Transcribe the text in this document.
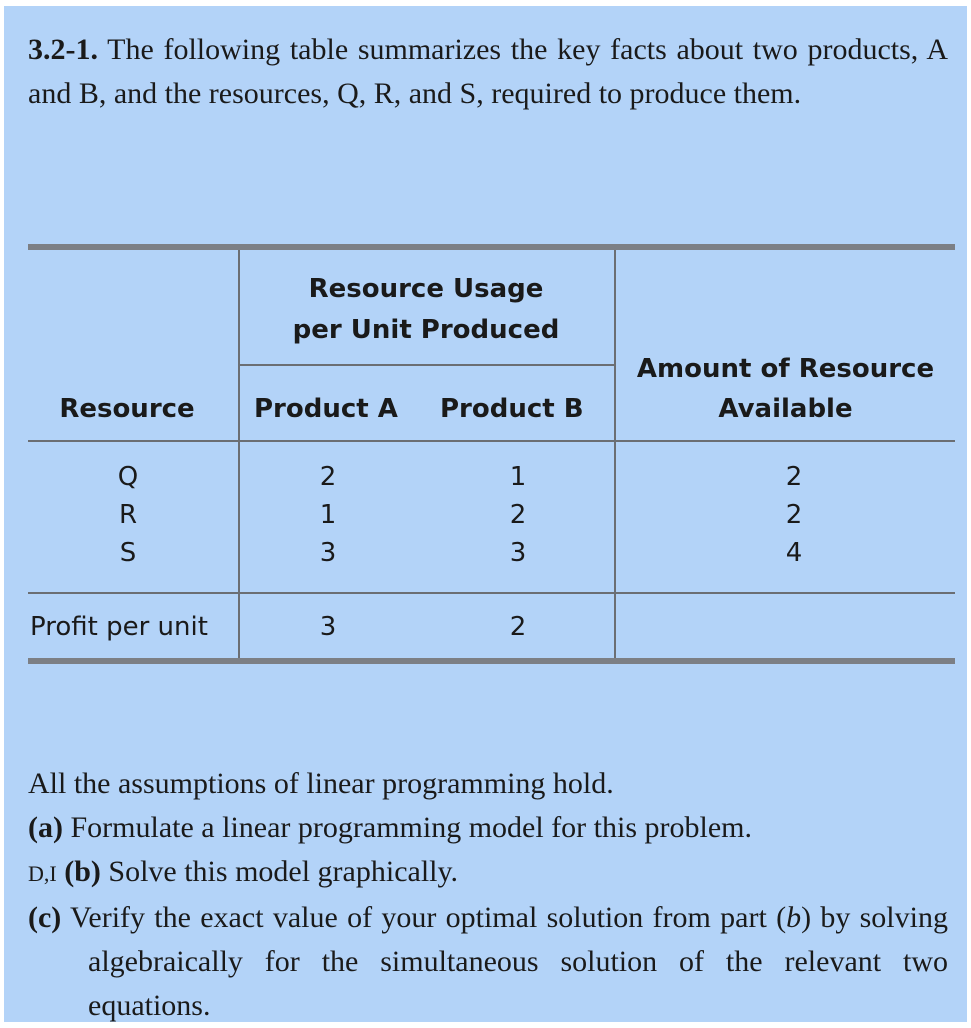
3.2-1. The following table summarizes the key facts about two products, A and B, and the resources, Q, R, and S, required to produce them.
Resource Usage
per Unit Produced
Resource	Product A Product B
Amount of Resource
Available
Q	2	1	2
R	1	2	2
S	3	3	4
Profit per unit	3	2
All the assumptions of linear programming hold.
(a) Formulate a linear programming model for this problem.
D,I (b) Solve this model graphically.
(c) Verify the exact value of your optimal solution from part (b) by solving algebraically for the simultaneous solution of the relevant two equations.
